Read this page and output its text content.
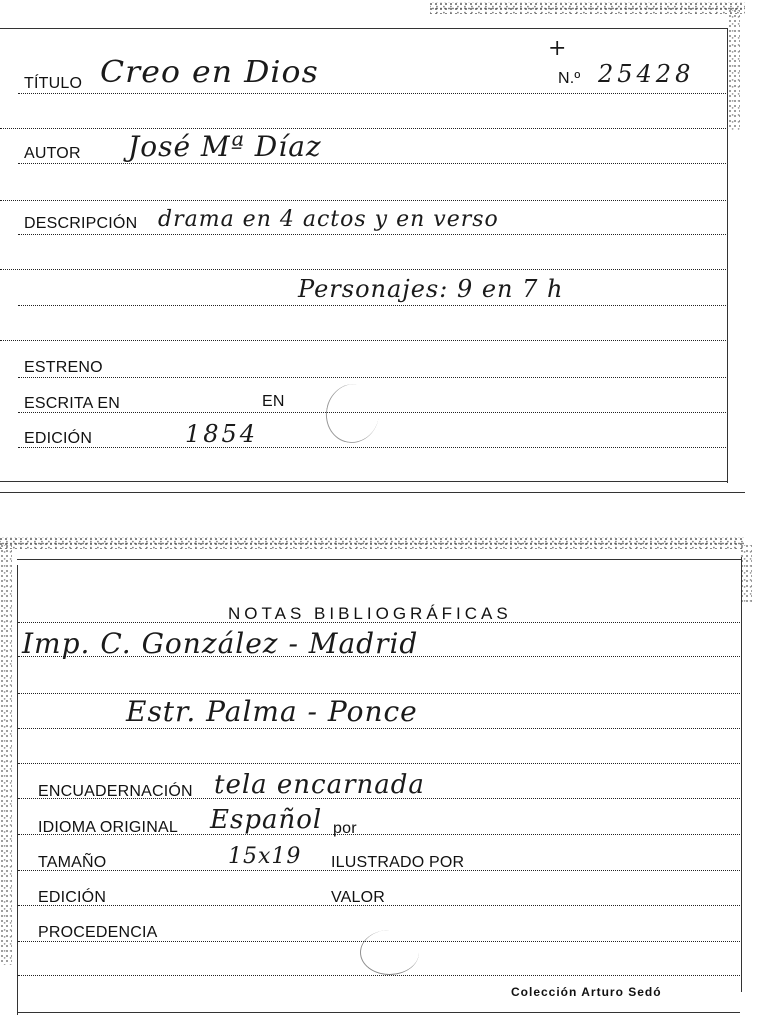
TÍTULO Creo en Dios
+
N.º 25428
AUTOR José Mª Díaz
DESCRIPCIÓN drama en 4 actos y en verso
Personajes: 9 en 7 h
ESTRENO
ESCRITA EN	EN
EDICIÓN	1854
NOTAS BIBLIOGRÁFICAS
Imp. C. González - Madrid
Estr. Palma - Ponce
ENCUADERNACIÓN tela encarnada
IDIOMA ORIGINAL Español por
TAMAÑO	15x19 ILUSTRADO POR
EDICIÓN	VALOR
PROCEDENCIA
Colección Arturo Sedó
